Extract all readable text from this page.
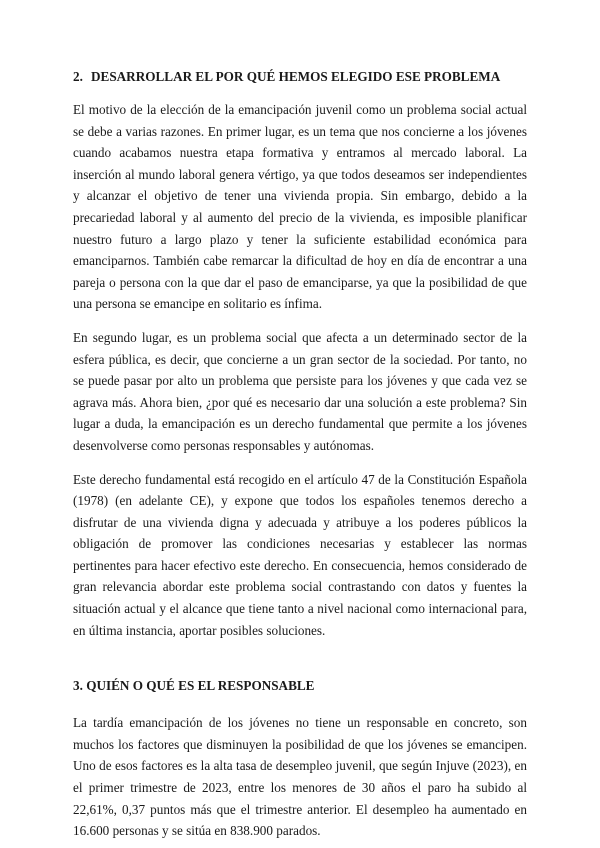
2. DESARROLLAR EL POR QUÉ HEMOS ELEGIDO ESE PROBLEMA

El motivo de la elección de la emancipación juvenil como un problema social actual se debe a varias razones. En primer lugar, es un tema que nos concierne a los jóvenes cuando acabamos nuestra etapa formativa y entramos al mercado laboral. La inserción al mundo laboral genera vértigo, ya que todos deseamos ser independientes y alcanzar el objetivo de tener una vivienda propia. Sin embargo, debido a la precariedad laboral y al aumento del precio de la vivienda, es imposible planificar nuestro futuro a largo plazo y tener la suficiente estabilidad económica para emanciparnos. También cabe remarcar la dificultad de hoy en día de encontrar a una pareja o persona con la que dar el paso de emanciparse, ya que la posibilidad de que una persona se emancipe en solitario es ínfima.

En segundo lugar, es un problema social que afecta a un determinado sector de la esfera pública, es decir, que concierne a un gran sector de la sociedad. Por tanto, no se puede pasar por alto un problema que persiste para los jóvenes y que cada vez se agrava más. Ahora bien, ¿por qué es necesario dar una solución a este problema? Sin lugar a duda, la emancipación es un derecho fundamental que permite a los jóvenes desenvolverse como personas responsables y autónomas.

Este derecho fundamental está recogido en el artículo 47 de la Constitución Española (1978) (en adelante CE), y expone que todos los españoles tenemos derecho a disfrutar de una vivienda digna y adecuada y atribuye a los poderes públicos la obligación de promover las condiciones necesarias y establecer las normas pertinentes para hacer efectivo este derecho. En consecuencia, hemos considerado de gran relevancia abordar este problema social contrastando con datos y fuentes la situación actual y el alcance que tiene tanto a nivel nacional como internacional para, en última instancia, aportar posibles soluciones.

3. QUIÉN O QUÉ ES EL RESPONSABLE

La tardía emancipación de los jóvenes no tiene un responsable en concreto, son muchos los factores que disminuyen la posibilidad de que los jóvenes se emancipen. Uno de esos factores es la alta tasa de desempleo juvenil, que según Injuve (2023), en el primer trimestre de 2023, entre los menores de 30 años el paro ha subido al 22,61%, 0,37 puntos más que el trimestre anterior. El desempleo ha aumentado en 16.600 personas y se sitúa en 838.900 parados.
